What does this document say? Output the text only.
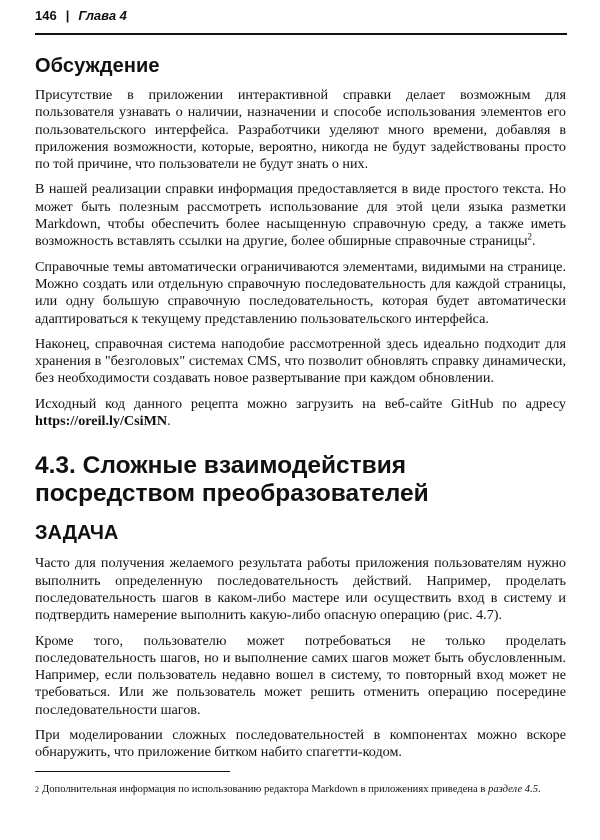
146 | Глава 4
Обсуждение

Присутствие в приложении интерактивной справки делает возможным для пользователя узнавать о наличии, назначении и способе использования элементов его пользовательского интерфейса. Разработчики уделяют много времени, добавляя в приложения возможности, которые, вероятно, никогда не будут задействованы просто по той причине, что пользователи не будут знать о них.

В нашей реализации справки информация предоставляется в виде простого текста. Но может быть полезным рассмотреть использование для этой цели языка разметки Markdown, чтобы обеспечить более насыщенную справочную среду, а также иметь возможность вставлять ссылки на другие, более обширные справочные страницы$^2$.

Справочные темы автоматически ограничиваются элементами, видимыми на странице. Можно создать или отдельную справочную последовательность для каждой страницы, или одну большую справочную последовательность, которая будет автоматически адаптироваться к текущему представлению пользовательского интерфейса.

Наконец, справочная система наподобие рассмотренной здесь идеально подходит для хранения в "безголовых" системах CMS, что позволит обновлять справку динамически, без необходимости создавать новое развертывание при каждом обновлении.

Исходный код данного рецепта можно загрузить на веб-сайте GitHub по адресу https://oreil.ly/CsiMN.

4.3. Сложные взаимодействия
посредством преобразователей
ЗАДАЧА

Часто для получения желаемого результата работы приложения пользователям нужно выполнить определенную последовательность действий. Например, проделать последовательность шагов в каком-либо мастере или осуществить вход в систему и подтвердить намерение выполнить какую-либо опасную операцию (рис. 4.7).

Кроме того, пользователю может потребоваться не только проделать последовательность шагов, но и выполнение самих шагов может быть обусловленным. Например, если пользователь недавно вошел в систему, то повторный вход может не требоваться. Или же пользователь может решить отменить операцию посередине последовательности шагов.

При моделировании сложных последовательностей в компонентах можно вскоре обнаружить, что приложение битком набито спагетти-кодом.

$^2$ Дополнительная информация по использованию редактора Markdown в приложениях приведена в разделе 4.5.
